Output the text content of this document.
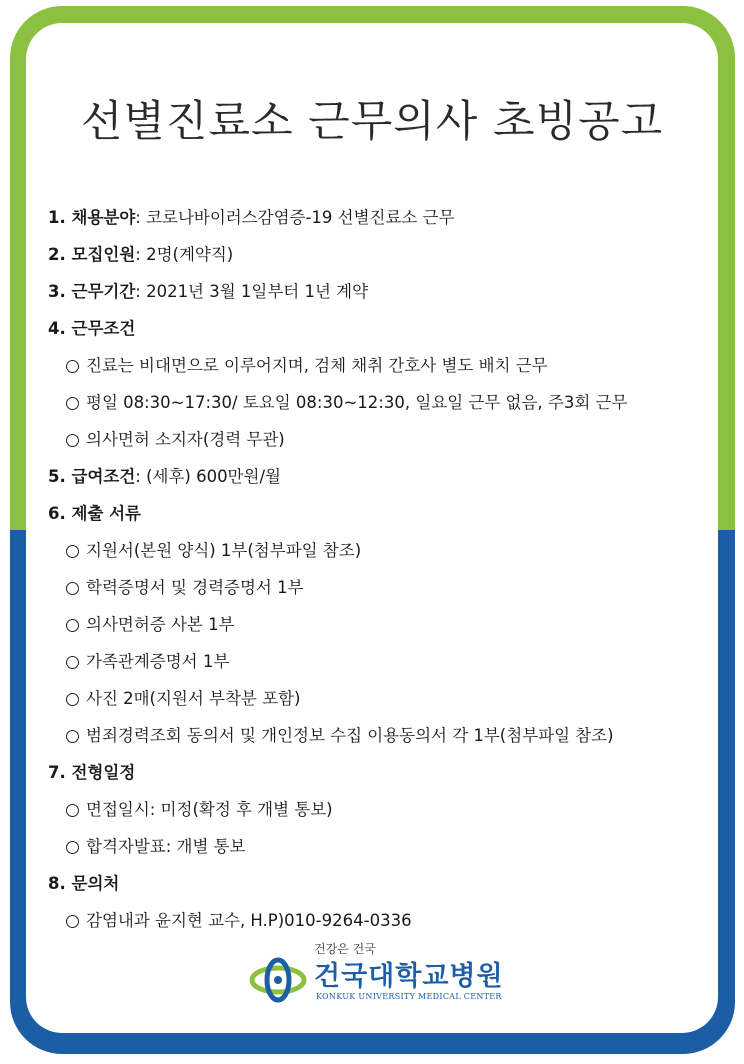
선별진료소 근무의사 초빙공고
1. 채용분야: 코로나바이러스감염증-19 선별진료소 근무
2. 모집인원: 2명(계약직)
3. 근무기간: 2021년 3월 1일부터 1년 계약
4. 근무조건
진료는 비대면으로 이루어지며, 검체 채취 간호사 별도 배치 근무
평일 08:30~17:30/ 토요일 08:30~12:30, 일요일 근무 없음, 주3회 근무
의사면허 소지자(경력 무관)
5. 급여조건: (세후) 600만원/월
6. 제출 서류
지원서(본원 양식) 1부(첨부파일 참조)
학력증명서 및 경력증명서 1부
의사면허증 사본 1부
가족관계증명서 1부
사진 2매(지원서 부착분 포함)
범죄경력조회 동의서 및 개인정보 수집 이용동의서 각 1부(첨부파일 참조)
7. 전형일정
면접일시: 미정(확정 후 개별 통보)
합격자발표: 개별 통보
8. 문의처
감염내과 윤지현 교수, H.P)010-9264-0336
건강은 건국
건국대학교병원
KONKUK UNIVERSITY MEDICAL CENTER
